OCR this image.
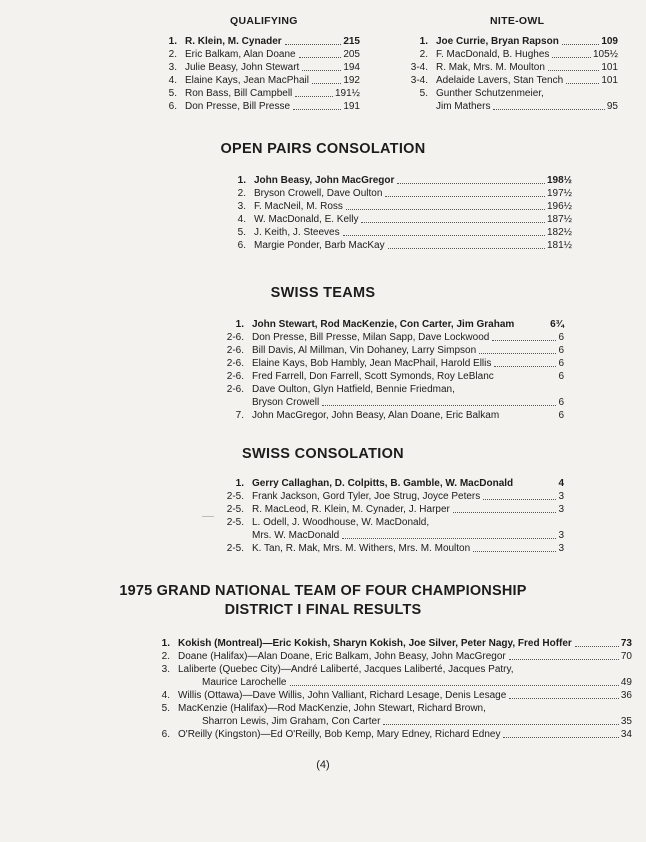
QUALIFYING
1. R. Klein, M. Cynader	215
2. Eric Balkam, Alan Doane	205
3. Julie Beasy, John Stewart	194
4. Elaine Kays, Jean MacPhail	192
5. Ron Bass, Bill Campbell	191½
6. Don Presse, Bill Presse	191
NITE-OWL
1. Joe Currie, Bryan Rapson	109
2. F. MacDonald, B. Hughes	105½
3-4. R. Mak, Mrs. M. Moulton	101
3-4. Adelaide Lavers, Stan Tench	101
5. Gunther Schutzenmeier,
Jim Mathers	95
OPEN PAIRS CONSOLATION
1. John Beasy, John MacGregor	198½
2. Bryson Crowell, Dave Oulton	197½
3. F. MacNeil, M. Ross	196½
4. W. MacDonald, E. Kelly	187½
5. J. Keith, J. Steeves	182½
6. Margie Ponder, Barb MacKay	181½
SWISS TEAMS
1. John Stewart, Rod MacKenzie, Con Carter, Jim Graham	6¾
2-6. Don Presse, Bill Presse, Milan Sapp, Dave Lockwood	6
2-6. Bill Davis, Al Millman, Vin Dohaney, Larry Simpson	6
2-6. Elaine Kays, Bob Hambly, Jean MacPhail, Harold Ellis	6
2-6. Fred Farrell, Don Farrell, Scott Symonds, Roy LeBlanc	6
2-6. Dave Oulton, Glyn Hatfield, Bennie Friedman,
Bryson Crowell	6
7. John MacGregor, John Beasy, Alan Doane, Eric Balkam	6
SWISS CONSOLATION
1. Gerry Callaghan, D. Colpitts, B. Gamble, W. MacDonald	4
2-5. Frank Jackson, Gord Tyler, Joe Strug, Joyce Peters	3
2-5. R. MacLeod, R. Klein, M. Cynader, J. Harper	3
2-5. L. Odell, J. Woodhouse, W. MacDonald,
Mrs. W. MacDonald	3
2-5. K. Tan, R. Mak, Mrs. M. Withers, Mrs. M. Moulton	3
1975 GRAND NATIONAL TEAM OF FOUR CHAMPIONSHIP
DISTRICT I FINAL RESULTS
1. Kokish (Montreal)—Eric Kokish, Sharyn Kokish, Joe Silver, Peter Nagy, Fred Hoffer	73
2. Doane (Halifax)—Alan Doane, Eric Balkam, John Beasy, John MacGregor	70
3. Laliberte (Quebec City)—André Laliberté, Jacques Laliberté, Jacques Patry,
Maurice Larochelle	49
4. Willis (Ottawa)—Dave Willis, John Valliant, Richard Lesage, Denis Lesage	36
5. MacKenzie (Halifax)—Rod MacKenzie, John Stewart, Richard Brown,
Sharron Lewis, Jim Graham, Con Carter	35
6. O'Reilly (Kingston)—Ed O'Reilly, Bob Kemp, Mary Edney, Richard Edney	34
(4)
